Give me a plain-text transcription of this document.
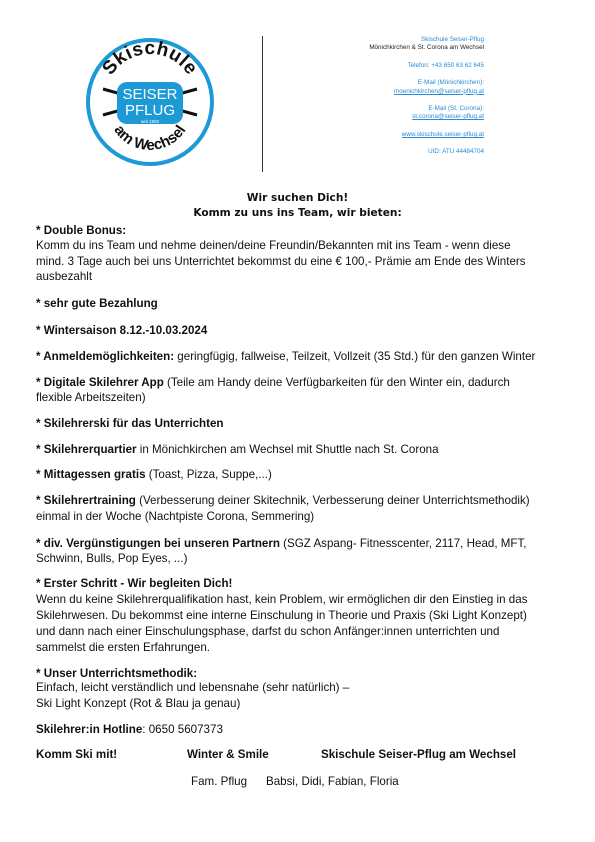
Skischule
SEISER
PFLUG
seit 1950
am Wechsel
Skischule Seiser-Pflug
Mönichkirchen & St. Corona am Wechsel
Telefon: +43 650 63 62 645
E-Mail (Mönichkirchen):
moenichkirchen@seiser-pflug.at
E-Mail (St. Corona):
st.corona@seiser-pflug.at
www.skischule.seiser-pflug.at
UID: ATU 44484704
Wir suchen Dich!
Komm zu uns ins Team, wir bieten:
* Double Bonus:
Komm du ins Team und nehme deinen/deine Freundin/Bekannten mit ins Team - wenn diese
mind. 3 Tage auch bei uns Unterrichtet bekommst du eine € 100,- Prämie am Ende des Winters
ausbezahlt
* sehr gute Bezahlung
* Wintersaison 8.12.-10.03.2024
* Anmeldemöglichkeiten: geringfügig, fallweise, Teilzeit, Vollzeit (35 Std.) für den ganzen Winter
* Digitale Skilehrer App (Teile am Handy deine Verfügbarkeiten für den Winter ein, dadurch
flexible Arbeitszeiten)
* Skilehrerski für das Unterrichten
* Skilehrerquartier in Mönichkirchen am Wechsel mit Shuttle nach St. Corona
* Mittagessen gratis (Toast, Pizza, Suppe,...)
* Skilehrertraining (Verbesserung deiner Skitechnik, Verbesserung deiner Unterrichtsmethodik)
einmal in der Woche (Nachtpiste Corona, Semmering)
* div. Vergünstigungen bei unseren Partnern (SGZ Aspang- Fitnesscenter, 2117, Head, MFT,
Schwinn, Bulls, Pop Eyes, ...)
* Erster Schritt - Wir begleiten Dich!
Wenn du keine Skilehrerqualifikation hast, kein Problem, wir ermöglichen dir den Einstieg in das
Skilehrwesen. Du bekommst eine interne Einschulung in Theorie und Praxis (Ski Light Konzept)
und dann nach einer Einschulungsphase, darfst du schon Anfänger:innen unterrichten und
sammelst die ersten Erfahrungen.
* Unser Unterrichtsmethodik:
Einfach, leicht verständlich und lebensnahe (sehr natürlich) –
Ski Light Konzept (Rot & Blau ja genau)
Skilehrer:in Hotline: 0650 5607373
Komm Ski mit!	Winter & Smile	Skischule Seiser-Pflug am Wechsel
Fam. Pflug Babsi, Didi, Fabian, Floria
